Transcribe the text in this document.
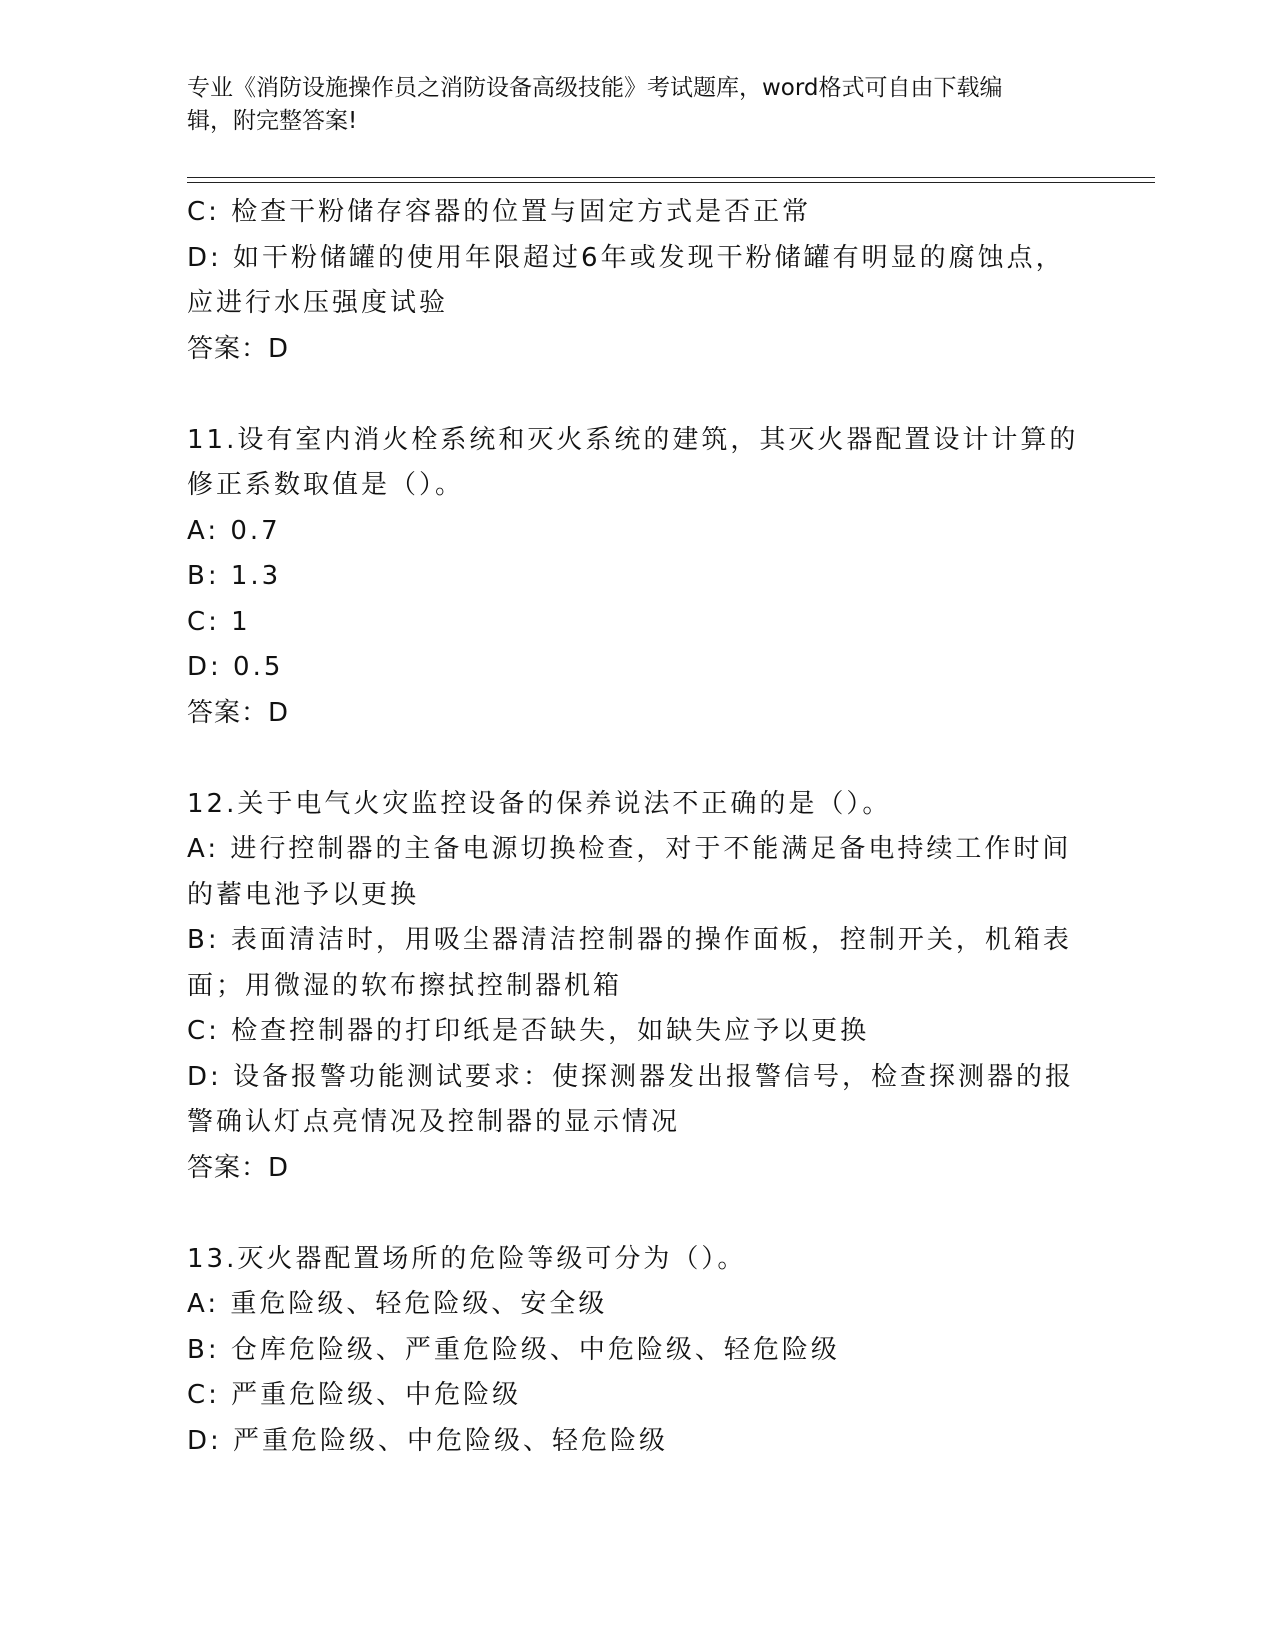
专业《消防设施操作员之消防设备高级技能》考试题库，word格式可自由下载编
辑，附完整答案!
C: 检查干粉储存容器的位置与固定方式是否正常
D: 如干粉储罐的使用年限超过6年或发现干粉储罐有明显的腐蚀点，
应进行水压强度试验
答案：D
11.设有室内消火栓系统和灭火系统的建筑，其灭火器配置设计计算的
修正系数取值是（）。
A: 0.7
B: 1.3
C: 1
D: 0.5
答案：D
12.关于电气火灾监控设备的保养说法不正确的是（）。
A: 进行控制器的主备电源切换检查，对于不能满足备电持续工作时间
的蓄电池予以更换
B: 表面清洁时，用吸尘器清洁控制器的操作面板，控制开关，机箱表
面；用微湿的软布擦拭控制器机箱
C: 检查控制器的打印纸是否缺失，如缺失应予以更换
D: 设备报警功能测试要求：使探测器发出报警信号，检查探测器的报
警确认灯点亮情况及控制器的显示情况
答案：D
13.灭火器配置场所的危险等级可分为（）。
A: 重危险级、轻危险级、安全级
B: 仓库危险级、严重危险级、中危险级、轻危险级
C: 严重危险级、中危险级
D: 严重危险级、中危险级、轻危险级
